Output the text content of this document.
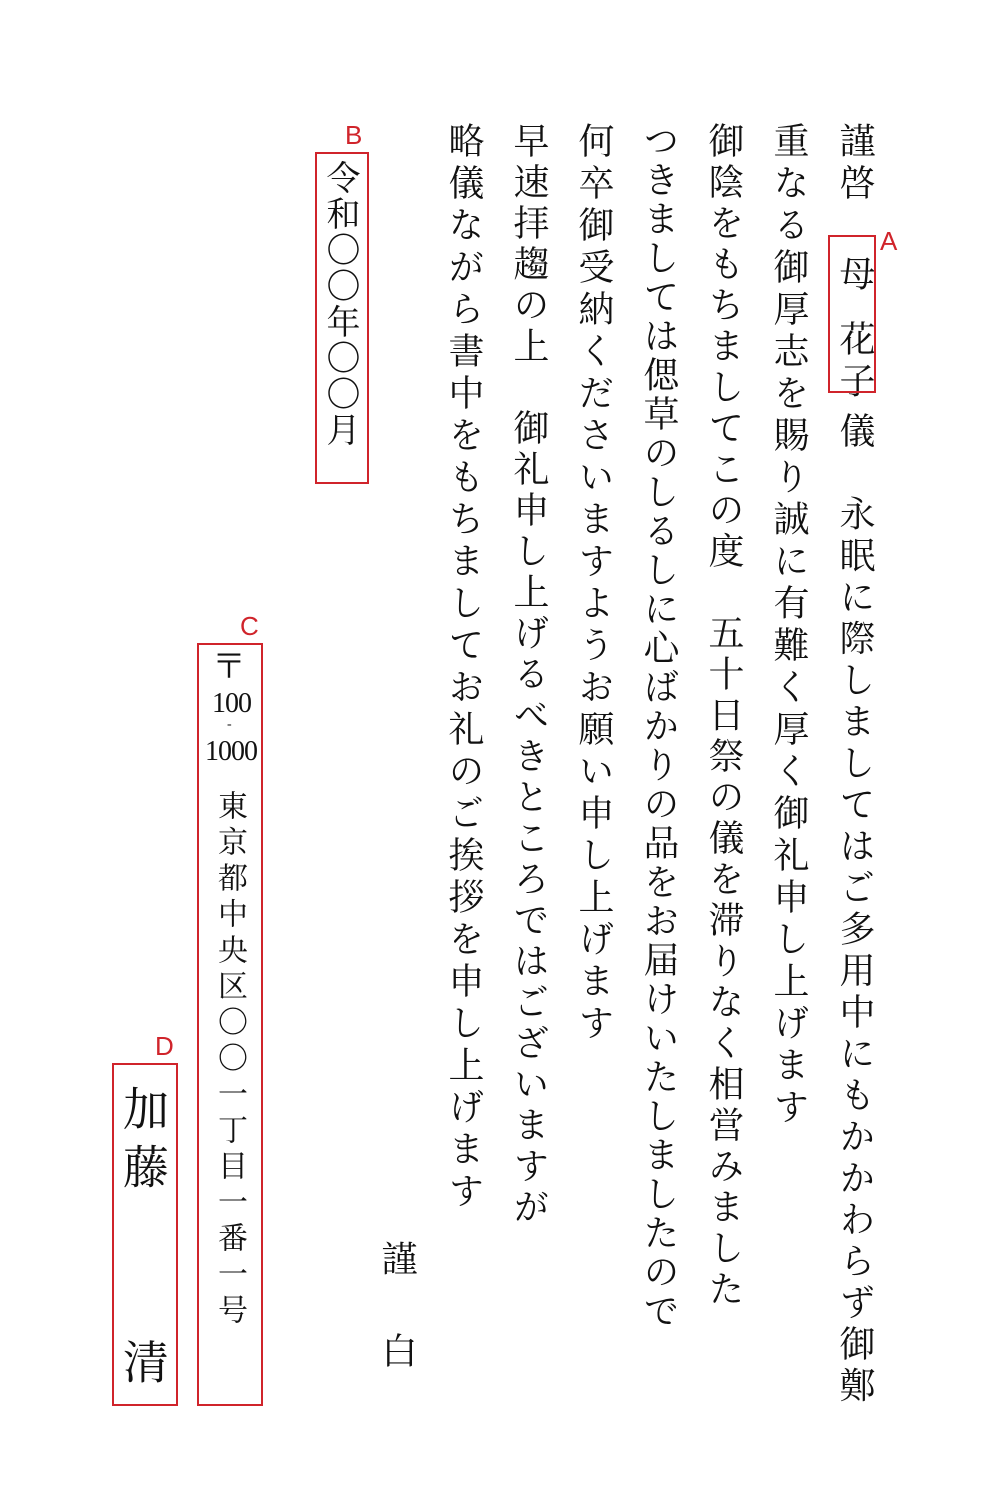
謹啓
母
花子
儀　永眠に際しましてはご多用中にもかかわらず御鄭
A
重なる御厚志を賜り誠に有難く厚く御礼申し上げます
御陰をもちましてこの度　五十日祭の儀を滞りなく相営みました
つきましては偲草のしるしに心ばかりの品をお届けいたしましたので
何卒御受納くださいますようお願い申し上げます
早速拝趨の上　御礼申し上げるべきところではございますが
略儀ながら書中をもちましてお礼のご挨拶を申し上げます
謹　白
B
令和〇〇年〇〇月
C
〒
100
-
1000
東京都中央区〇〇一丁目一番一号
D
加藤
清
